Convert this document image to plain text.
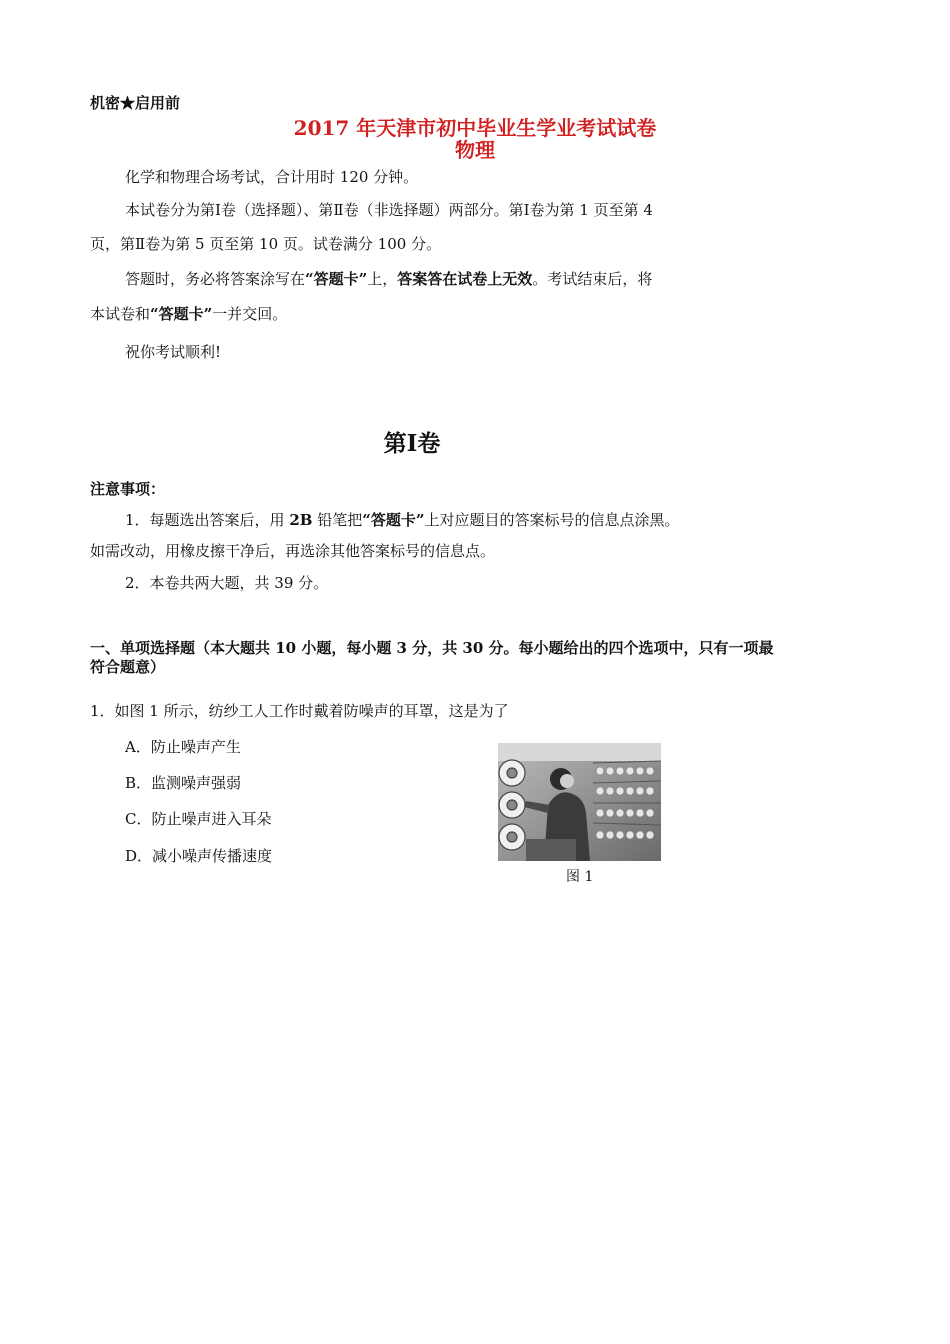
机密★启用前
2017 年天津市初中毕业生学业考试试卷
物理
化学和物理合场考试，合计用时 120 分钟。
本试卷分为第Ⅰ卷（选择题）、第Ⅱ卷（非选择题）两部分。第Ⅰ卷为第 1 页至第 4
页，第Ⅱ卷为第 5 页至第 10 页。试卷满分 100 分。
答题时，务必将答案涂写在“答题卡”上，答案答在试卷上无效。考试结束后，将
本试卷和“答题卡”一并交回。
祝你考试顺利!
第Ⅰ卷
注意事项：
1．每题选出答案后，用 2B 铅笔把“答题卡”上对应题目的答案标号的信息点涂黑。
如需改动，用橡皮擦干净后，再选涂其他答案标号的信息点。
2．本卷共两大题，共 39 分。
一、单项选择题（本大题共 10 小题，每小题 3 分，共 30 分。每小题给出的四个选项中，只有一项最
符合题意）
1．如图 1 所示，纺纱工人工作时戴着防噪声的耳罩，这是为了
A．防止噪声产生
B．监测噪声强弱
C．防止噪声进入耳朵
D．减小噪声传播速度
图 1
